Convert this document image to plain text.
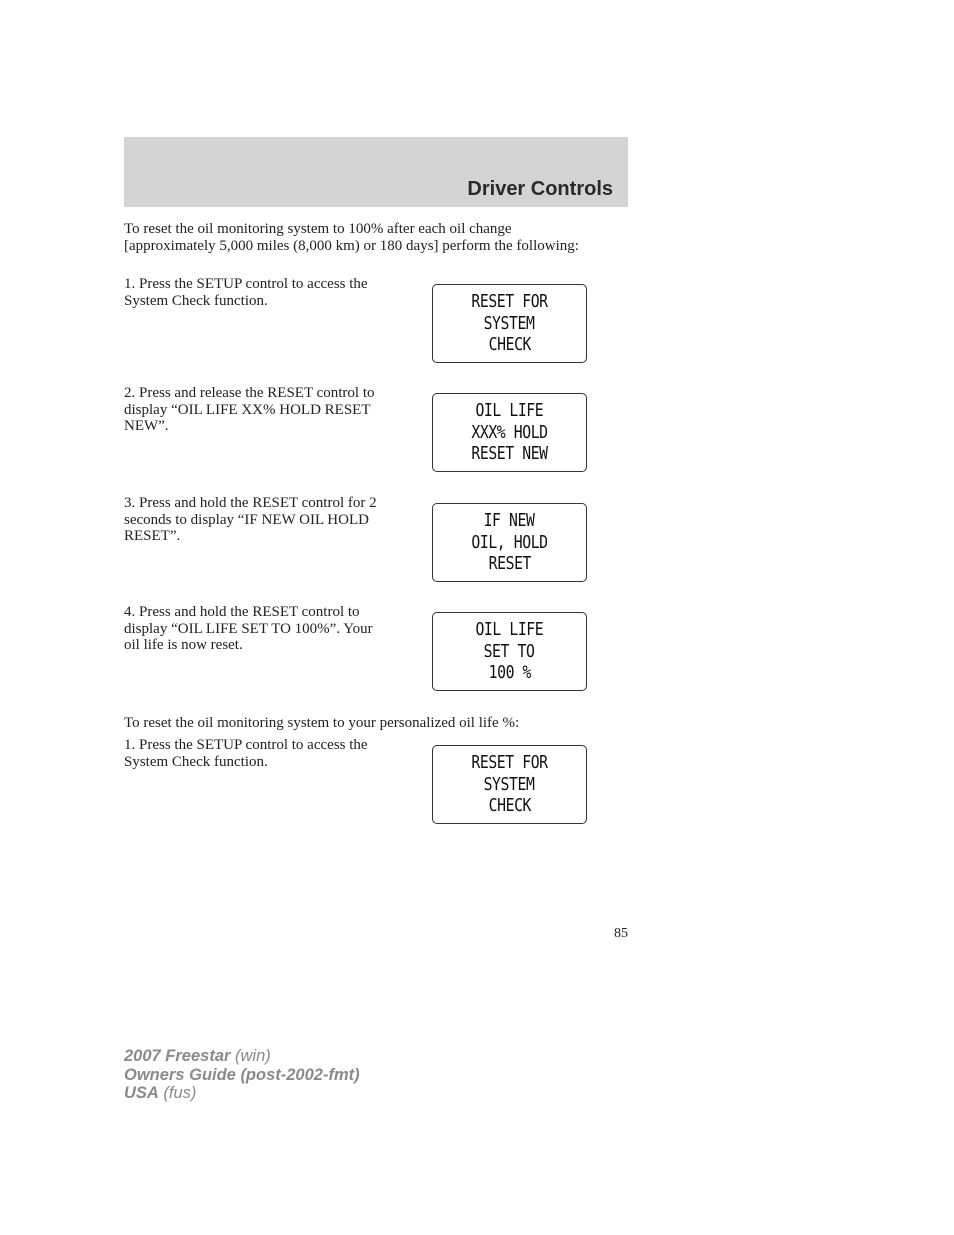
Driver Controls

To reset the oil monitoring system to 100% after each oil change [approximately 5,000 miles (8,000 km) or 180 days] perform the following:

1. Press the SETUP control to access the System Check function.	RESET FOR
SYSTEM
CHECK

2. Press and release the RESET control to display “OIL LIFE XX% HOLD RESET NEW”.

OIL LIFE
XXX% HOLD
RESET NEW

3. Press and hold the RESET control for 2 seconds to display “IF NEW OIL HOLD RESET”.

IF NEW
OIL, HOLD
RESET

4. Press and hold the RESET control to display “OIL LIFE SET TO 100%”. Your oil life is now reset.

OIL LIFE
SET TO
100 %

To reset the oil monitoring system to your personalized oil life %:

1. Press the SETUP control to access the System Check function.	RESET FOR
SYSTEM
CHECK
85
2007 Freestar (win)
Owners Guide (post-2002-fmt)
USA (fus)
